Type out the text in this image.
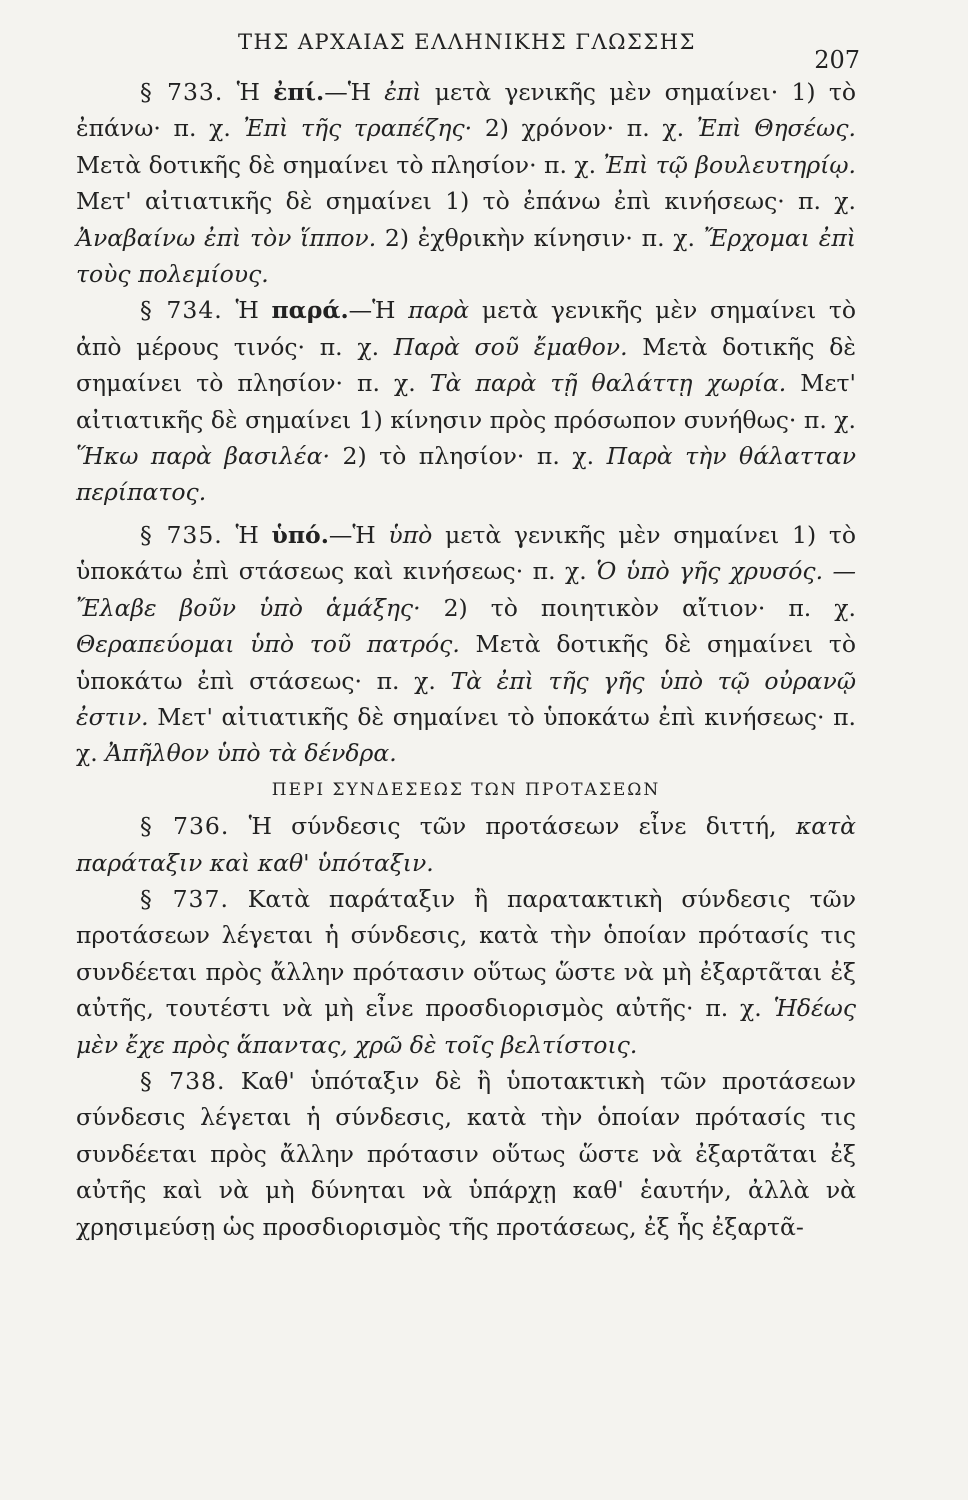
ΤΗΣ ΑΡΧΑΙΑΣ ΕΛΛΗΝΙΚΗΣ ΓΛΩΣΣΗΣ
207

§ 733. Ἡ ἐπί.—Ἡ ἐπὶ μετὰ γενικῆς μὲν σημαίνει· 1) τὸ ἐπάνω· π. χ. Ἐπὶ τῆς τραπέζης· 2) χρόνον· π. χ. Ἐπὶ Θησέως. Μετὰ δοτικῆς δὲ σημαίνει τὸ πλησίον· π. χ. Ἐπὶ τῷ βουλευτηρίῳ. Μετ' αἰτιατικῆς δὲ σημαίνει 1) τὸ ἐπάνω ἐπὶ κινήσεως· π. χ. Ἀναβαίνω ἐπὶ τὸν ἵππον. 2) ἐχθρικὴν κίνησιν· π. χ. Ἔρχομαι ἐπὶ τοὺς πολεμίους.

§ 734. Ἡ παρά.—Ἡ παρὰ μετὰ γενικῆς μὲν σημαίνει τὸ ἀπὸ μέρους τινός· π. χ. Παρὰ σοῦ ἔμαθον. Μετὰ δοτικῆς δὲ σημαίνει τὸ πλησίον· π. χ. Τὰ παρὰ τῇ θαλάττῃ χωρία. Μετ' αἰτιατικῆς δὲ σημαίνει 1) κίνησιν πρὸς πρόσωπον συνήθως· π. χ. Ἥκω παρὰ βασιλέα· 2) τὸ πλησίον· π. χ. Παρὰ τὴν θάλατταν περίπατος.

§ 735. Ἡ ὑπό.—Ἡ ὑπὸ μετὰ γενικῆς μὲν σημαίνει 1) τὸ ὑποκάτω ἐπὶ στάσεως καὶ κινήσεως· π. χ. Ὁ ὑπὸ γῆς χρυσός. — Ἔλαβε βοῦν ὑπὸ ἁμάξης· 2) τὸ ποιητικὸν αἴτιον· π. χ. Θεραπεύομαι ὑπὸ τοῦ πατρός. Μετὰ δοτικῆς δὲ σημαίνει τὸ ὑποκάτω ἐπὶ στάσεως· π. χ. Τὰ ἐπὶ τῆς γῆς ὑπὸ τῷ οὐρανῷ ἐστιν. Μετ' αἰτιατικῆς δὲ σημαίνει τὸ ὑποκάτω ἐπὶ κινήσεως· π. χ. Ἀπῆλθον ὑπὸ τὰ δένδρα.

ΠΕΡΙ ΣΥΝΔΕΣΕΩΣ ΤΩΝ ΠΡΟΤΑΣΕΩΝ

§ 736. Ἡ σύνδεσις τῶν προτάσεων εἶνε διττή, κατὰ παράταξιν καὶ καθ' ὑπόταξιν.

§ 737. Κατὰ παράταξιν ἢ παρατακτικὴ σύνδεσις τῶν προτάσεων λέγεται ἡ σύνδεσις, κατὰ τὴν ὁποίαν πρότασίς τις συνδέεται πρὸς ἄλλην πρότασιν οὕτως ὥστε νὰ μὴ ἐξαρτᾶται ἐξ αὐτῆς, τουτέστι νὰ μὴ εἶνε προσδιορισμὸς αὐτῆς· π. χ. Ἡδέως μὲν ἔχε πρὸς ἅπαντας, χρῶ δὲ τοῖς βελτίστοις.

§ 738. Καθ' ὑπόταξιν δὲ ἢ ὑποτακτικὴ τῶν προτάσεων σύνδεσις λέγεται ἡ σύνδεσις, κατὰ τὴν ὁποίαν πρότασίς τις συνδέεται πρὸς ἄλλην πρότασιν οὕτως ὥστε νὰ ἐξαρτᾶται ἐξ αὐτῆς καὶ νὰ μὴ δύνηται νὰ ὑπάρχῃ καθ' ἑαυτήν, ἀλλὰ νὰ χρησιμεύσῃ ὡς προσδιορισμὸς τῆς προτάσεως, ἐξ ἧς ἐξαρτᾶ-
